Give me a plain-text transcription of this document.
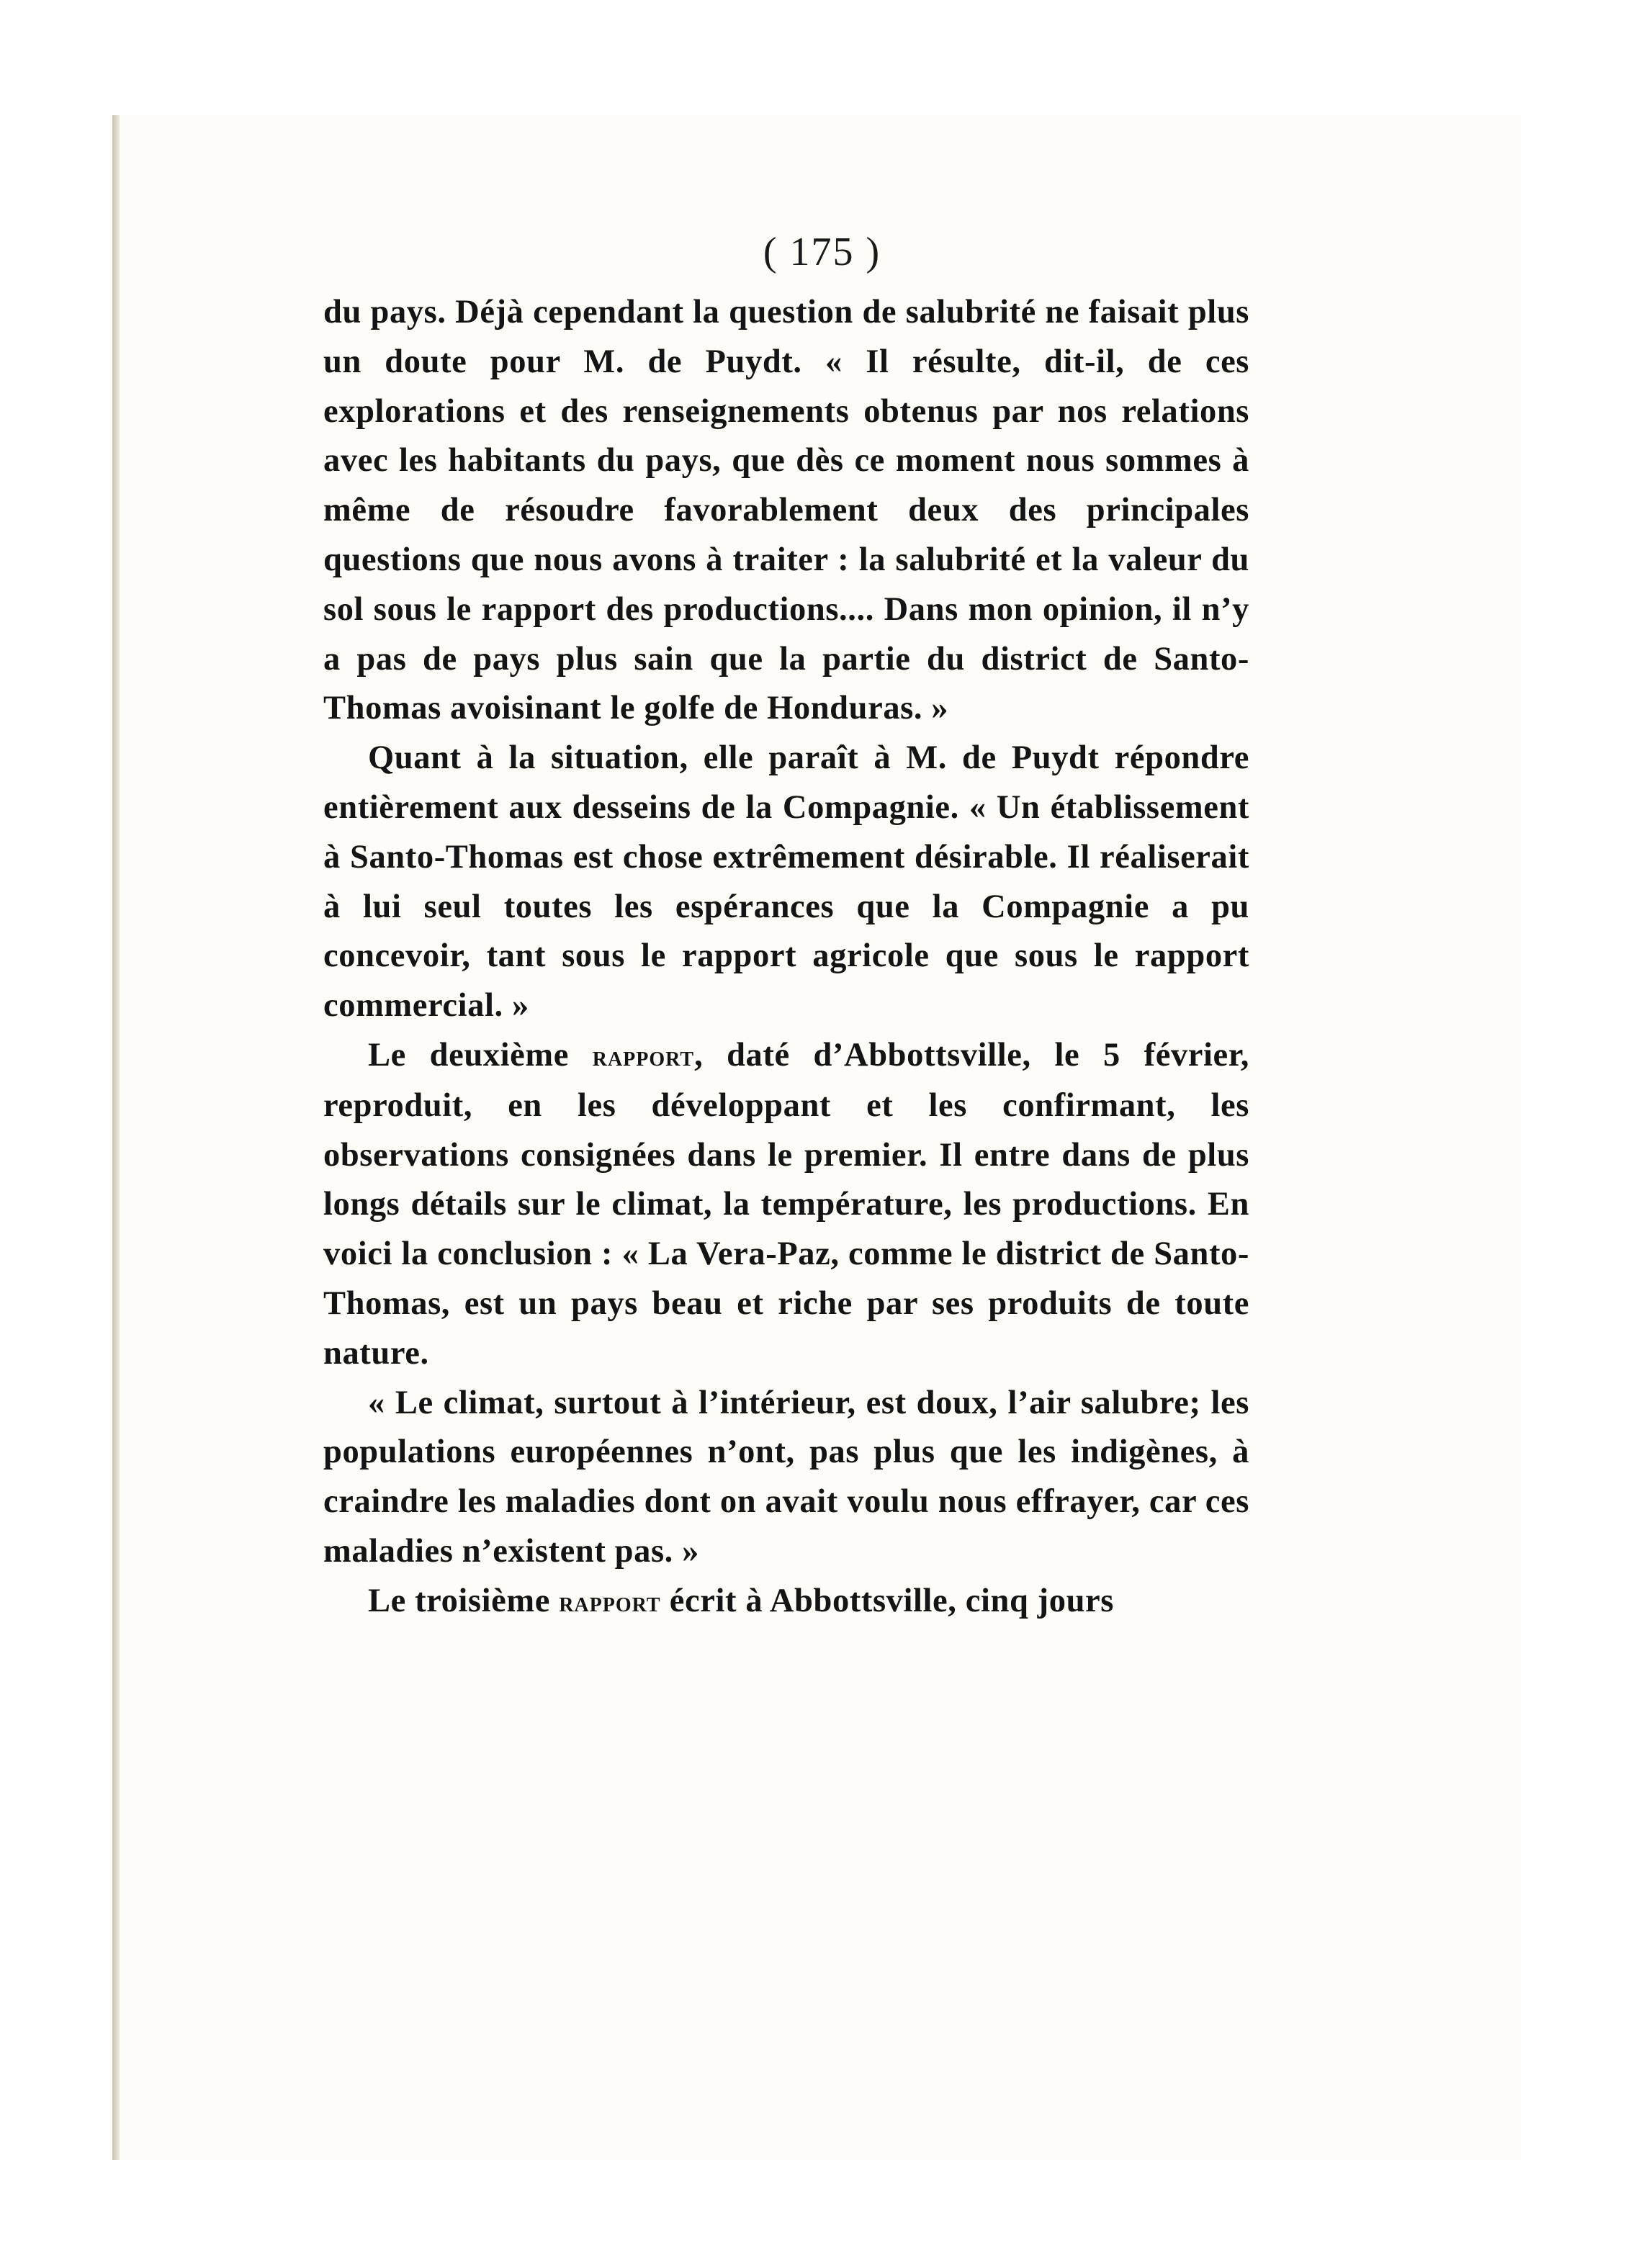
( 175 )

du pays. Déjà cependant la question de salubrité ne faisait plus un doute pour M. de Puydt. « Il résulte, dit-il, de ces explorations et des renseignements obtenus par nos relations avec les habitants du pays, que dès ce moment nous sommes à même de résoudre favorablement deux des principales questions que nous avons à traiter : la salubrité et la valeur du sol sous le rapport des productions.... Dans mon opinion, il n’y a pas de pays plus sain que la partie du district de Santo-Thomas avoisinant le golfe de Honduras. »

Quant à la situation, elle paraît à M. de Puydt répondre entièrement aux desseins de la Compagnie. « Un établissement à Santo-Thomas est chose extrêmement désirable. Il réaliserait à lui seul toutes les espérances que la Compagnie a pu concevoir, tant sous le rapport agricole que sous le rapport commercial. »

Le deuxième rapport, daté d’Abbottsville, le 5 février, reproduit, en les développant et les confirmant, les observations consignées dans le premier. Il entre dans de plus longs détails sur le climat, la température, les productions. En voici la conclusion : « La Vera-Paz, comme le district de Santo-Thomas, est un pays beau et riche par ses produits de toute nature.

« Le climat, surtout à l’intérieur, est doux, l’air salubre; les populations européennes n’ont, pas plus que les indigènes, à craindre les maladies dont on avait voulu nous effrayer, car ces maladies n’existent pas. »

Le troisième rapport écrit à Abbottsville, cinq jours
